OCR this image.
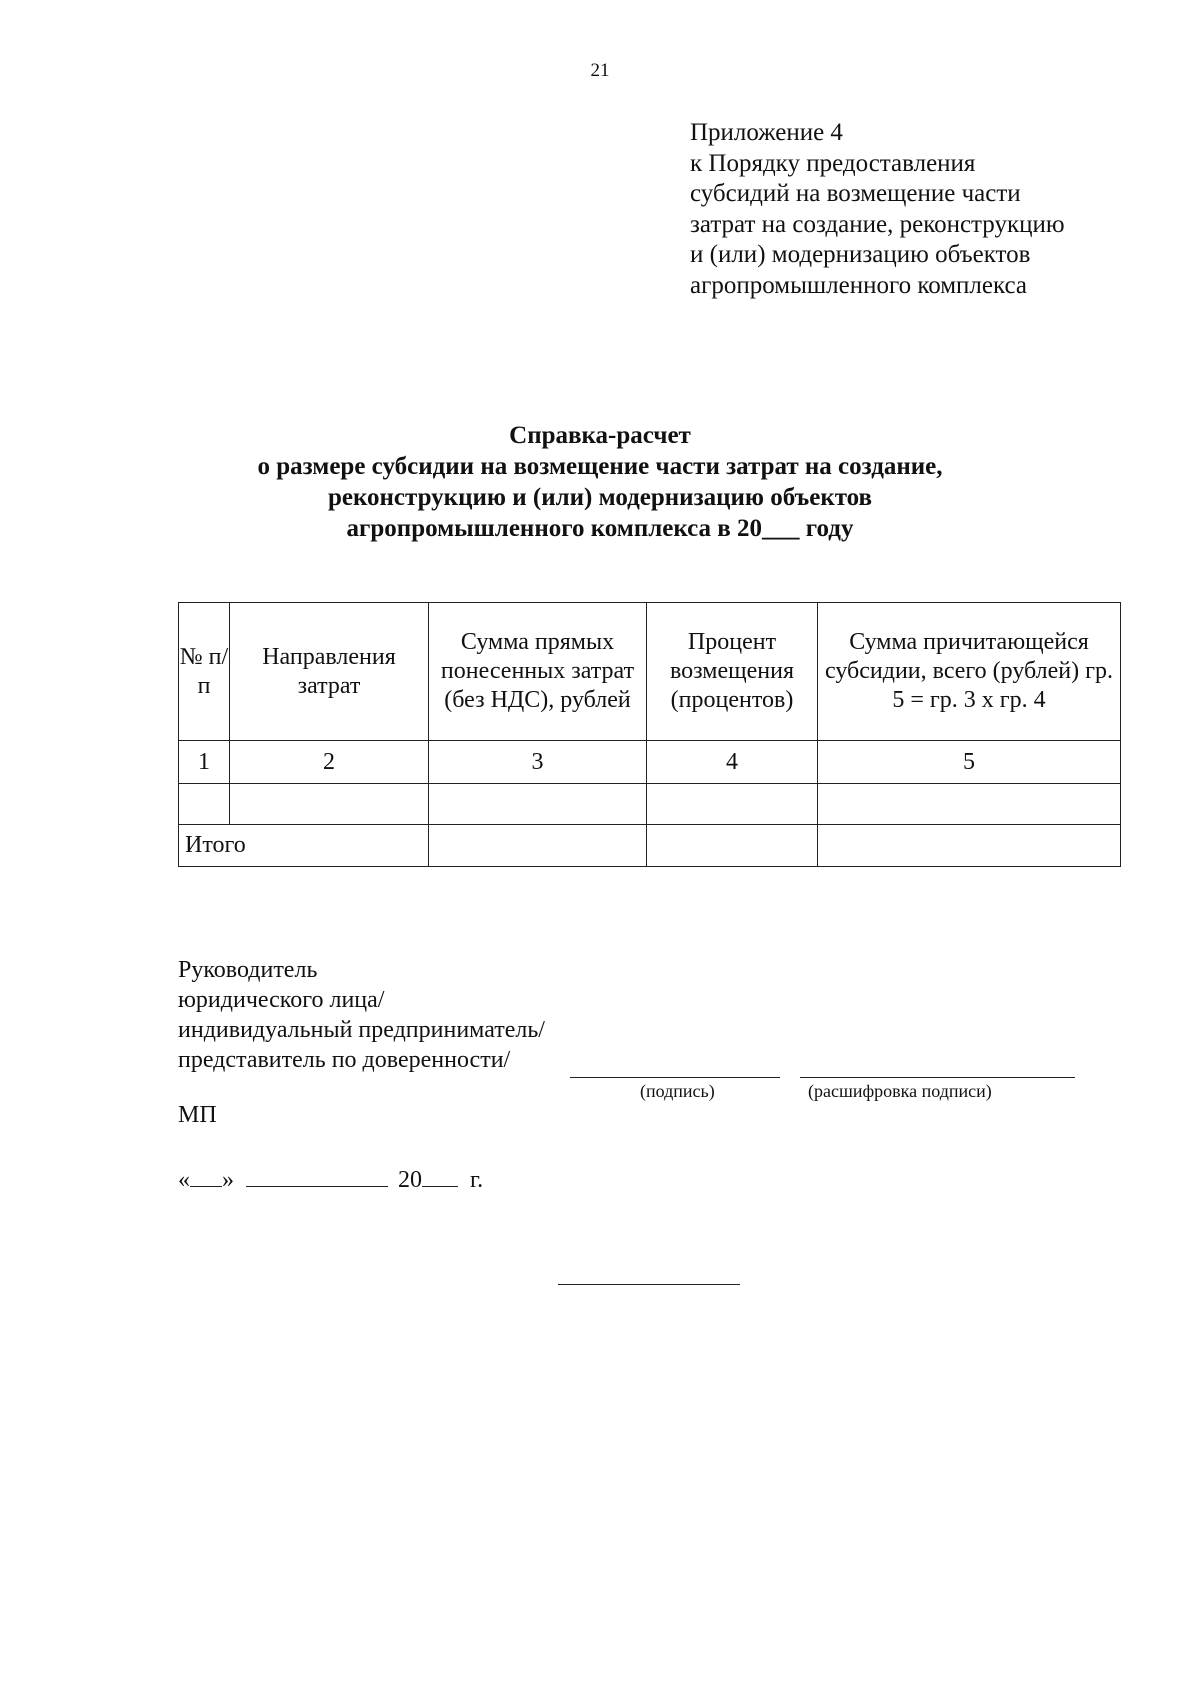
21
Приложение 4
к Порядку предоставления
субсидий на возмещение части
затрат на создание, реконструкцию
и (или) модернизацию объектов
агропромышленного комплекса
Справка-расчет
о размере субсидии на возмещение части затрат на создание,
реконструкцию и (или) модернизацию объектов
агропромышленного комплекса в 20___ году
№ п/п	Направления затрат	Сумма прямых понесенных затрат (без НДС), рублей	Процент возмещения (процентов)	Сумма причитающейся субсидии, всего (рублей) гр. 5 = гр. 3 x гр. 4
1	2	3	4	5

Итого				
Руководитель
юридического лица/
индивидуальный предприниматель/
представитель по доверенности/
(подпись)	(расшифровка подписи)
МП
« »	20 г.
